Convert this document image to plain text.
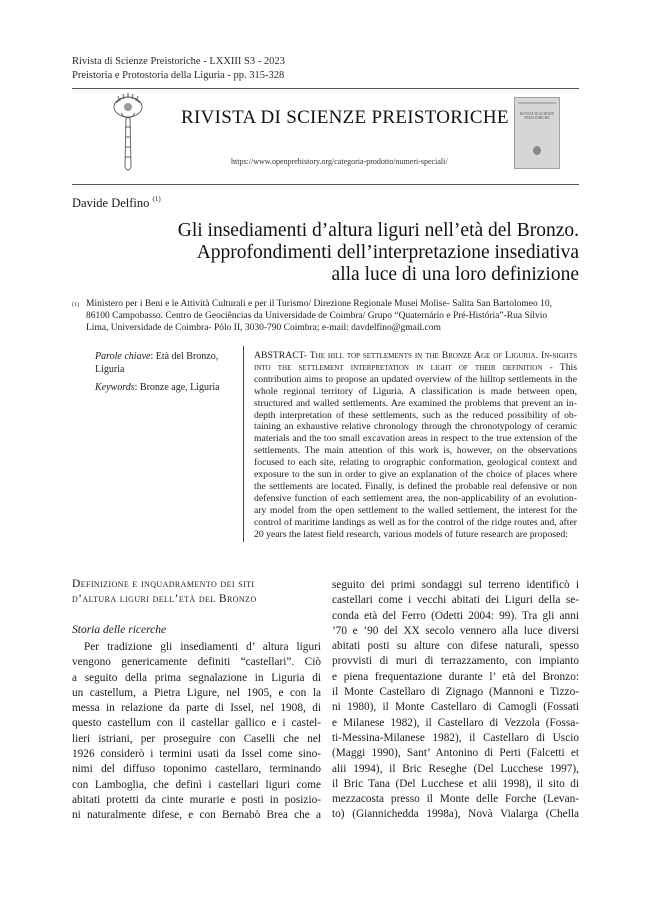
Rivista di Scienze Preistoriche - LXXIII S3 - 2023
Preistoria e Protostoria della Liguria - pp. 315-328
RIVISTA DI SCIENZE PREISTORICHE
https://www.openprehistory.org/categoria-prodotto/numeri-speciali/
RIVISTA DI SCIENZE PREISTORICHE
Davide Delfino $^{(1)}$
Gli insediamenti d’altura liguri nell’età del Bronzo.
Approfondimenti dell’interpretazione insediativa
alla luce di una loro definizione
(1) Ministero per i Beni e le Attività Culturali e per il Turismo/ Direzione Regionale Musei Molise- Salita San Bartolomeo 10,
86100 Campobasso. Centro de Geociências da Universidade de Coimbra/ Grupo “Quaternário e Pré-História”-Rua Sílvio
Lima, Universidade de Coimbra- Pólo II, 3030-790 Coimbra; e-mail: davdelfino@gmail.com
Parole chiave: Età del Bronzo,
Liguria
Keywords: Bronze age, Liguria
ABSTRACT- The hill top settlements in the Bronze Age of Liguria. In-sights into the settlement interpretation in light of their definition - This contribution aims to propose an updated overview of the hilltop settlements in the whole regional territory of Liguria. A classification is made between open, structured and walled settlements. Are examined the problems that prevent an in-depth interpretation of these settlements, such as the reduced possibility of ob-taining an exhaustive relative chronology through the chronotypology of ceramic materials and the too small excavation areas in respect to the true extension of the settlements. The main attention of this work is, however, on the observations focused to each site, relating to orographic conformation, geological context and exposure to the sun in order to give an explanation of the choice of places where the settlements are located. Finally, is defined the probable real defensive or non defensive function of each settlement area, the non-applicability of an evolution-ary model from the open settlement to the walled settlement, the interest for the control of maritime landings as well as for the control of the ridge routes and, after 20 years the latest field research, various models of future research are proposed:
Definizione e inquadramento dei siti
d’altura liguri dell’età del Bronzo
Storia delle ricerche
Per tradizione gli insediamenti d’ altura liguri
vengono genericamente definiti “castellari”. Ciò
a seguito della prima segnalazione in Liguria di
un castellum, a Pietra Ligure, nel 1905, e con la
messa in relazione da parte di Issel, nel 1908, di
questo castellum con il castellar gallico e i castel-
lieri istriani, per proseguire con Caselli che nel
1926 considerò i termini usati da Issel come sino-
nimi del diffuso toponimo castellaro, terminando
con Lamboglia, che definì i castellari liguri come
abitati protetti da cinte murarie e posti in posizio-
ni naturalmente difese, e con Bernabò Brea che a
seguito dei primi sondaggi sul terreno identificò i
castellari come i vecchi abitati dei Liguri della se-
conda età del Ferro (Odetti 2004: 99). Tra gli anni
’70 e ’90 del XX secolo vennero alla luce diversi
abitati posti su alture con difese naturali, spesso
provvisti di muri di terrazzamento, con impianto
e piena frequentazione durante l’ età del Bronzo:
il Monte Castellaro di Zignago (Mannoni e Tizzo-
ni 1980), il Monte Castellaro di Camogli (Fossati
e Milanese 1982), il Castellaro di Vezzola (Fossa-
ti-Messina-Milanese 1982), il Castellaro di Uscio
(Maggi 1990), Sant’ Antonino di Perti (Falcetti et
alii 1994), il Bric Reseghe (Del Lucchese 1997),
il Bric Tana (Del Lucchese et alii 1998), il sito di
mezzacosta presso il Monte delle Forche (Levan-
to) (Giannichedda 1998a), Novà Vialarga (Chella
